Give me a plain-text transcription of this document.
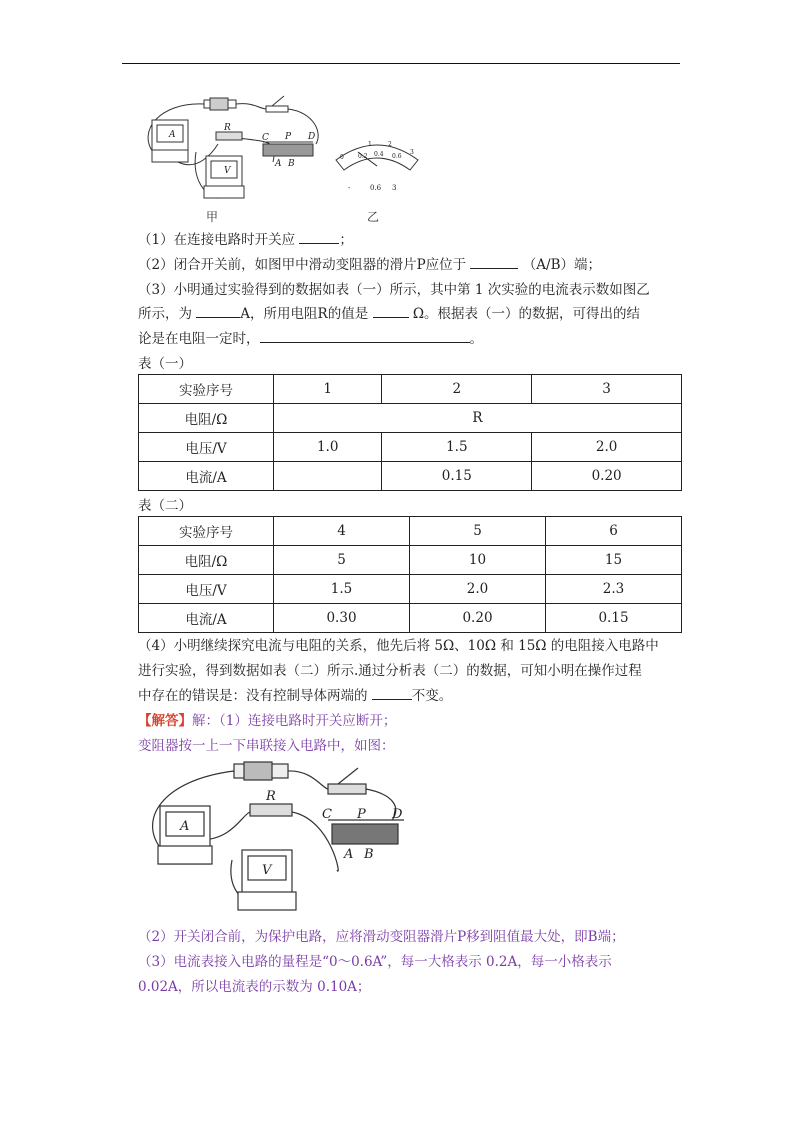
A
V
R
C P D
A B
0 0.2 0.4 0.6
1	2
3
-	0.6 3
甲	乙
（1）在连接电路时开关应	；
（2）闭合开关前，如图甲中滑动变阻器的滑片P应位于	（A/B）端；
（3）小明通过实验得到的数据如表（一）所示，其中第 1 次实验的电流表示数如图乙
所示，为	A，所用电阻R的值是	Ω。根据表（一）的数据，可得出的结
论是在电阻一定时，	。
表（一）
实验序号	1	2	3
电阻/Ω	R		
电压/V	1.0	1.5	2.0
电流/A		0.15	0.20
表（二）
实验序号	4	5	6
电阻/Ω	5	10	15
电压/V	1.5	2.0	2.3
电流/A	0.30	0.20	0.15
（4）小明继续探究电流与电阻的关系，他先后将 5Ω、10Ω 和 15Ω 的电阻接入电路中
进行实验，得到数据如表（二）所示.通过分析表（二）的数据，可知小明在操作过程
中存在的错误是：没有控制导体两端的	不变。
【解答】解：（1）连接电路时开关应断开；
变阻器按一上一下串联接入电路中，如图：
A
V
R
C P D
A B
（2）开关闭合前，为保护电路，应将滑动变阻器滑片P移到阻值最大处，即B端；
（3）电流表接入电路的量程是“0～0.6A”，每一大格表示 0.2A，每一小格表示
0.02A，所以电流表的示数为 0.10A；
